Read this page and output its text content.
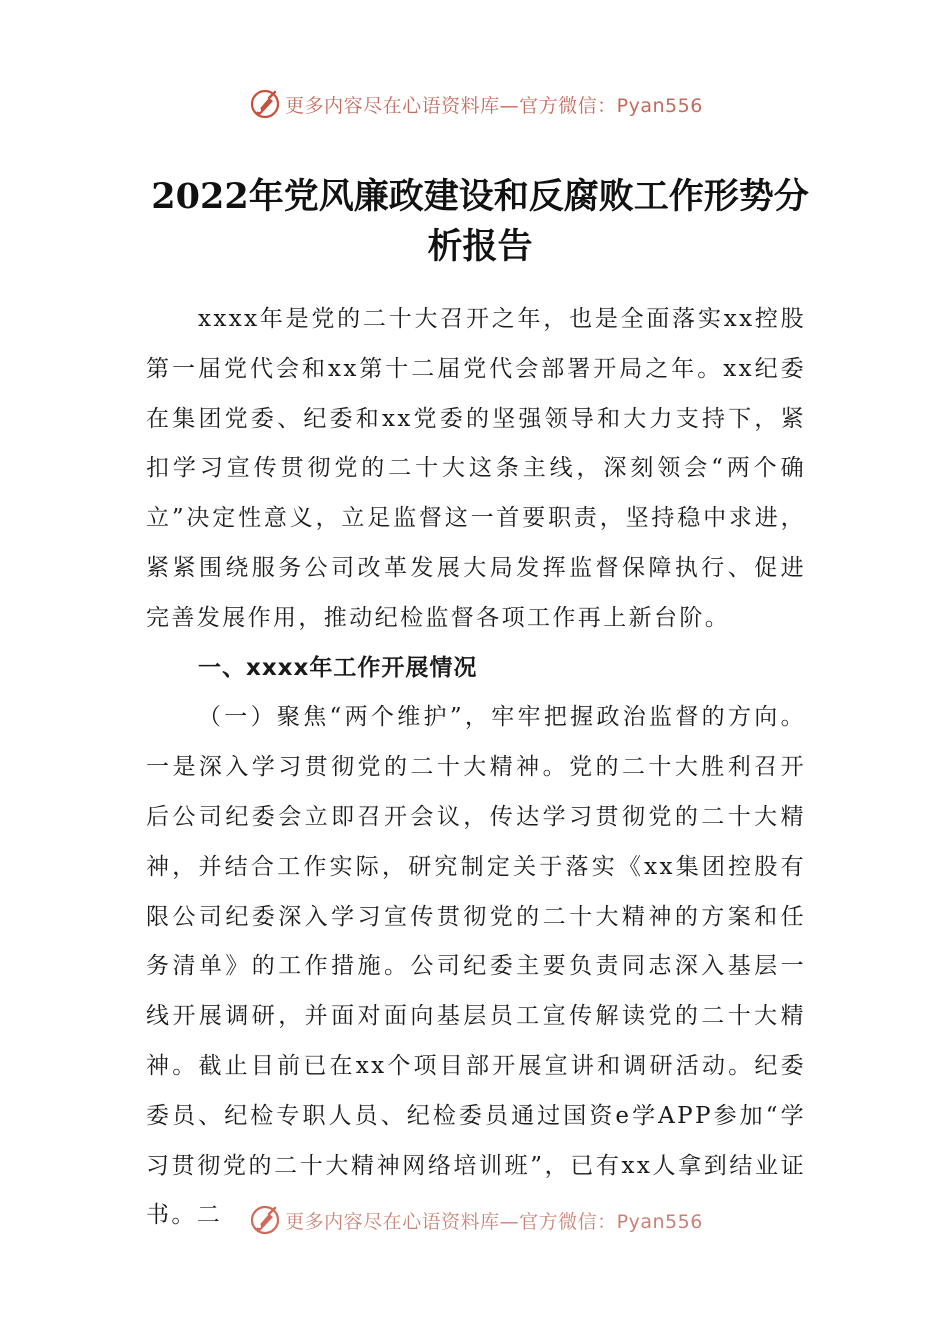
更多内容尽在心语资料库—官方微信：Pyan556
2022年党风廉政建设和反腐败工作形势分析报告

xxxx年是党的二十大召开之年，也是全面落实xx控股第一届党代会和xx第十二届党代会部署开局之年。xx纪委在集团党委、纪委和xx党委的坚强领导和大力支持下，紧扣学习宣传贯彻党的二十大这条主线，深刻领会“两个确立”决定性意义，立足监督这一首要职责，坚持稳中求进，紧紧围绕服务公司改革发展大局发挥监督保障执行、促进完善发展作用，推动纪检监督各项工作再上新台阶。

一、xxxx年工作开展情况

（一）聚焦“两个维护”，牢牢把握政治监督的方向。一是深入学习贯彻党的二十大精神。党的二十大胜利召开后公司纪委会立即召开会议，传达学习贯彻党的二十大精神，并结合工作实际，研究制定关于落实《xx集团控股有限公司纪委深入学习宣传贯彻党的二十大精神的方案和任务清单》的工作措施。公司纪委主要负责同志深入基层一线开展调研，并面对面向基层员工宣传解读党的二十大精神。截止目前已在xx个项目部开展宣讲和调研活动。纪委委员、纪检专职人员、纪检委员通过国资e学APP参加“学习贯彻党的二十大精神网络培训班”，已有xx人拿到结业证书。二	更多内容尽在心语资料库—官方微信：Pyan556
